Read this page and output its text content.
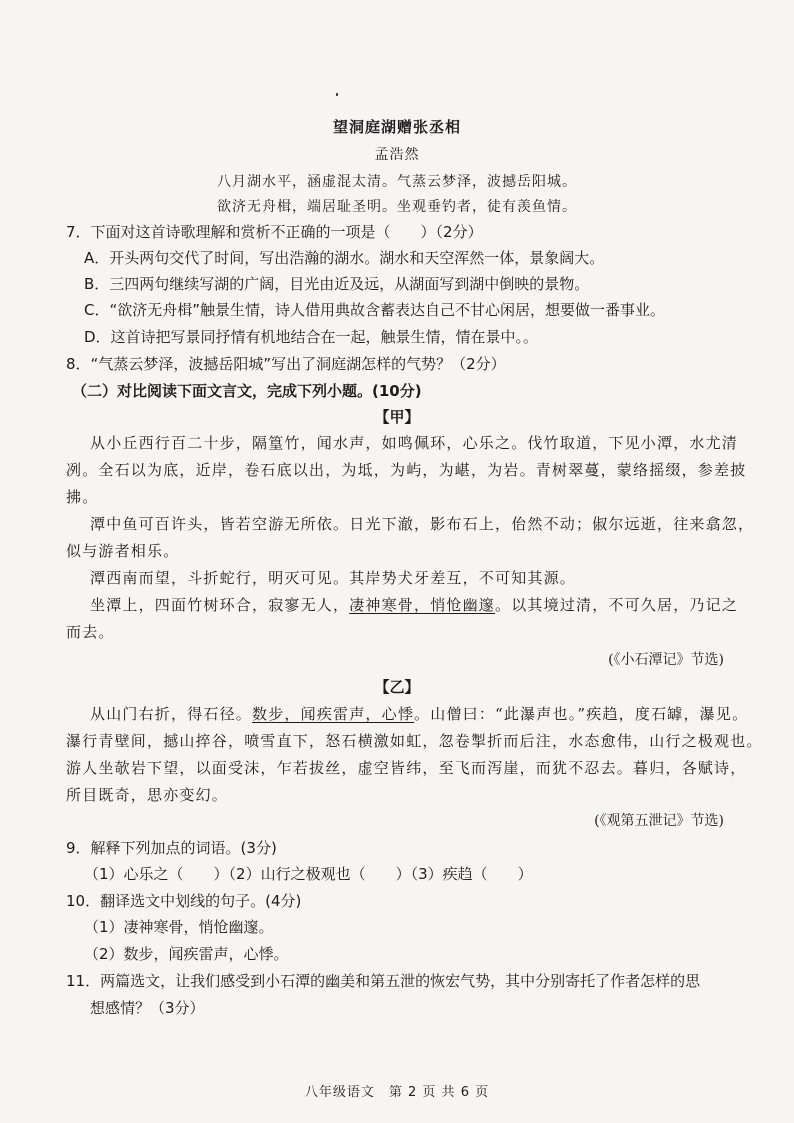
望洞庭湖赠张丞相
孟浩然
八月湖水平，涵虚混太清。气蒸云梦泽，波撼岳阳城。
欲济无舟楫，端居耻圣明。坐观垂钓者，徒有羡鱼情。
7．下面对这首诗歌理解和赏析不正确的一项是（　　）（2分）
A．开头两句交代了时间，写出浩瀚的湖水。湖水和天空浑然一体，景象阔大。
B．三四两句继续写湖的广阔，目光由近及远，从湖面写到湖中倒映的景物。
C．“欲济无舟楫”触景生情，诗人借用典故含蓄表达自己不甘心闲居，想要做一番事业。
D．这首诗把写景同抒情有机地结合在一起，触景生情，情在景中。。
8．“气蒸云梦泽，波撼岳阳城”写出了洞庭湖怎样的气势？（2分）
（二）对比阅读下面文言文，完成下列小题。(10分)
【甲】
从小丘西行百二十步，隔篁竹，闻水声，如鸣佩环，心乐之。伐竹取道，下见小潭，水尤清
冽。全石以为底，近岸，卷石底以出，为坻，为屿，为嵁，为岩。青树翠蔓，蒙络摇缀，参差披
拂。
潭中鱼可百许头，皆若空游无所依。日光下澈，影布石上，佁然不动；俶尔远逝，往来翕忽，
似与游者相乐。
潭西南而望，斗折蛇行，明灭可见。其岸势犬牙差互，不可知其源。
坐潭上，四面竹树环合，寂寥无人，凄神寒骨，悄怆幽邃。以其境过清，不可久居，乃记之
而去。
(《小石潭记》节选)
【乙】
从山门右折，得石径。数步，闻疾雷声，心悸。山僧曰：“此瀑声也。”疾趋，度石罅，瀑见。
瀑行青壁间，撼山捽谷，喷雪直下，怒石横激如虹，忽卷掣折而后注，水态愈伟，山行之极观也。
游人坐欹岩下望，以面受沫，乍若拔丝，虚空皆纬，至飞而泻崖，而犹不忍去。暮归，各赋诗，
所目既奇，思亦变幻。
(《观第五泄记》节选)
9．解释下列加点的词语。(3分)
（1）心乐之（　　）（2）山行之极观也（　　）（3）疾趋（　　）
10．翻译选文中划线的句子。(4分)
（1）凄神寒骨，悄怆幽邃。
（2）数步，闻疾雷声，心悸。
11．两篇选文，让我们感受到小石潭的幽美和第五泄的恢宏气势，其中分别寄托了作者怎样的思
想感情？（3分）
八年级语文　第 2 页 共 6 页
